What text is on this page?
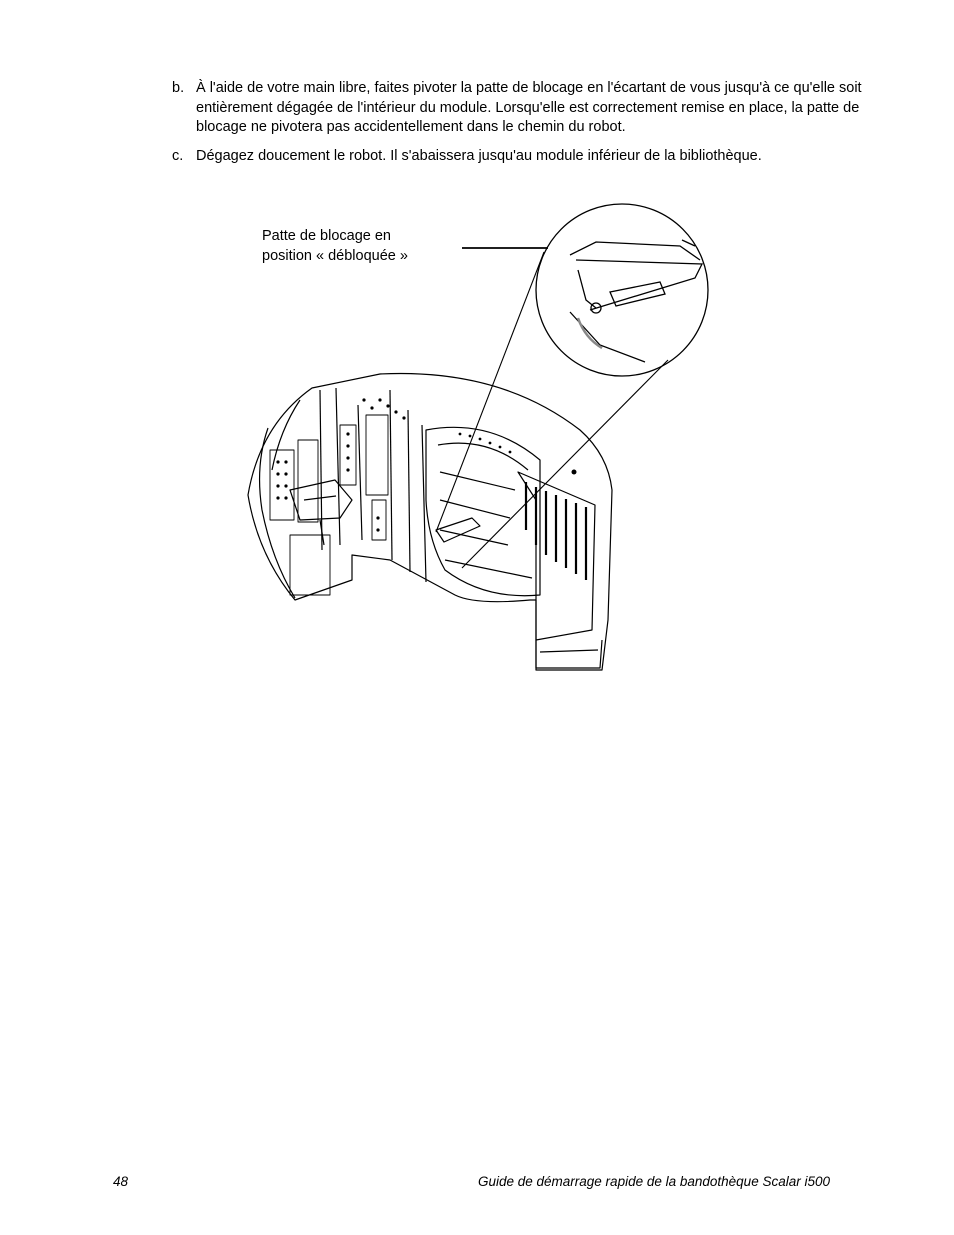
b. À l'aide de votre main libre, faites pivoter la patte de blocage en l'écartant de vous jusqu'à ce qu'elle soit entièrement dégagée de l'intérieur du module. Lorsqu'elle est correctement remise en place, la patte de blocage ne pivotera pas accidentellement dans le chemin du robot.
c. Dégagez doucement le robot. Il s'abaissera jusqu'au module inférieur de la bibliothèque.
Patte de blocage en
position « débloquée »
48	Guide de démarrage rapide de la bandothèque Scalar i500
